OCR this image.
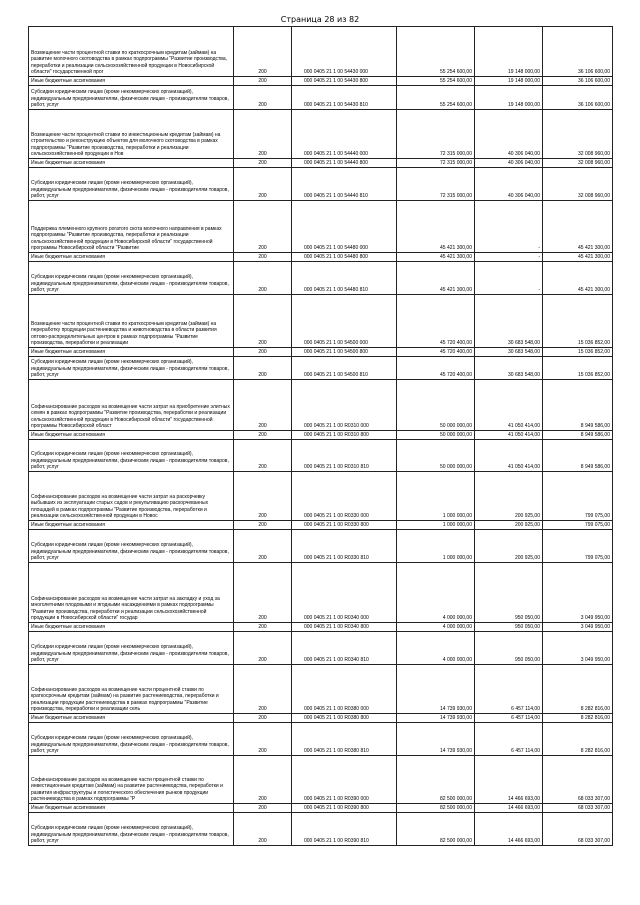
Страница 28 из 82
Возмещение части процентной ставки по краткосрочным кредитам (займам) на развитие молочного скотоводства в рамках подпрограммы "Развитие производства, переработки и реализации сельскохозяйственной продукции в Новосибирской области" государственной прог	200	000 0405 21 1 00 54430 000	55 254 600,00	19 148 000,00	36 106 600,00
Иные бюджетные ассигнования	200	000 0405 21 1 00 54430 800	55 254 600,00	19 148 000,00	36 106 600,00
Субсидии юридическим лицам (кроме некоммерческих организаций), индивидуальным предпринимателям, физическим лицам - производителям товаров, работ, услуг	200	000 0405 21 1 00 54430 810	55 254 600,00	19 148 000,00	36 106 600,00
Возмещение части процентной ставки по инвестиционным кредитам (займам) на строительство и реконструкцию объектов для молочного скотоводства в рамках подпрограммы "Развитие производства, переработки и реализации сельскохозяйственной продукции в Нов	200	000 0405 21 1 00 54440 000	72 315 000,00	40 306 040,00	32 008 960,00
Иные бюджетные ассигнования	200	000 0405 21 1 00 54440 800	72 315 000,00	40 306 040,00	32 008 960,00
Субсидии юридическим лицам (кроме некоммерческих организаций), индивидуальным предпринимателям, физическим лицам - производителям товаров, работ, услуг	200	000 0405 21 1 00 54440 810	72 315 000,00	40 306 040,00	32 008 960,00
Поддержка племенного крупного рогатого скота молочного направления в рамках подпрограммы "Развитие производства, переработки и реализации сельскохозяйственной продукции в Новосибирской области" государственной программы Новосибирской области "Развитие	200	000 0405 21 1 00 54480 000	45 421 300,00	-	45 421 300,00
Иные бюджетные ассигнования	200	000 0405 21 1 00 54480 800	45 421 300,00	-	45 421 300,00
Субсидии юридическим лицам (кроме некоммерческих организаций), индивидуальным предпринимателям, физическим лицам - производителям товаров, работ, услуг	200	000 0405 21 1 00 54480 810	45 421 300,00	-	45 421 300,00
Возмещение части процентной ставки по краткосрочным кредитам (займам) на переработку продукции растениеводства и животноводства в области развития оптово-распределительных центров в рамках подпрограммы "Развитие производства, переработки и реализации	200	000 0405 21 1 00 54500 000	45 720 400,00	30 683 548,00	15 036 852,00
Иные бюджетные ассигнования	200	000 0405 21 1 00 54500 800	45 720 400,00	30 683 548,00	15 036 852,00
Субсидии юридическим лицам (кроме некоммерческих организаций), индивидуальным предпринимателям, физическим лицам - производителям товаров, работ, услуг	200	000 0405 21 1 00 54500 810	45 720 400,00	30 683 548,00	15 036 852,00
Софинансирование расходов на возмещение части затрат на приобретение элитных семян в рамках подпрограммы "Развитие производства, переработки и реализации сельскохозяйственной продукции в Новосибирской области" государственной программы Новосибирской област	200	000 0405 21 1 00 R0310 000	50 000 000,00	41 050 414,00	8 949 586,00
Иные бюджетные ассигнования	200	000 0405 21 1 00 R0310 800	50 000 000,00	41 050 414,00	8 949 586,00
Субсидии юридическим лицам (кроме некоммерческих организаций), индивидуальным предпринимателям, физическим лицам - производителям товаров, работ, услуг	200	000 0405 21 1 00 R0310 810	50 000 000,00	41 050 414,00	8 949 586,00
Софинансирование расходов на возмещение части затрат на раскорчевку выбывших из эксплуатации старых садов и рекультивацию раскорчеванных площадей в рамках подпрограммы "Развитие производства, переработки и реализации сельскохозяйственной продукции в Новос	200	000 0405 21 1 00 R0330 000	1 000 000,00	200 925,00	799 075,00
Иные бюджетные ассигнования	200	000 0405 21 1 00 R0330 800	1 000 000,00	200 925,00	799 075,00
Субсидии юридическим лицам (кроме некоммерческих организаций), индивидуальным предпринимателям, физическим лицам - производителям товаров, работ, услуг	200	000 0405 21 1 00 R0330 810	1 000 000,00	200 925,00	799 075,00
Софинансирование расходов на возмещение части затрат на закладку и уход за многолетними плодовыми и ягодными насаждениями в рамках подпрограммы "Развитие производства, переработки и реализации сельскохозяйственной продукции в Новосибирской области" государ	200	000 0405 21 1 00 R0340 000	4 000 000,00	950 050,00	3 049 950,00
Иные бюджетные ассигнования	200	000 0405 21 1 00 R0340 800	4 000 000,00	950 050,00	3 049 950,00
Субсидии юридическим лицам (кроме некоммерческих организаций), индивидуальным предпринимателям, физическим лицам - производителям товаров, работ, услуг	200	000 0405 21 1 00 R0340 810	4 000 000,00	950 050,00	3 049 950,00
Софинансирование расходов на возмещение части процентной ставки по краткосрочным кредитам (займам) на развитие растениеводства, переработки и реализации продукции растениеводства в рамках подпрограммы "Развитие производства, переработки и реализации сель	200	000 0405 21 1 00 R0380 000	14 739 930,00	6 457 114,00	8 282 816,00
Иные бюджетные ассигнования	200	000 0405 21 1 00 R0380 800	14 739 930,00	6 457 114,00	8 282 816,00
Субсидии юридическим лицам (кроме некоммерческих организаций), индивидуальным предпринимателям, физическим лицам - производителям товаров, работ, услуг	200	000 0405 21 1 00 R0380 810	14 739 930,00	6 457 114,00	8 282 816,00
Софинансирование расходов на возмещение части процентной ставки по инвестиционным кредитам (займам) на развитие растениеводства, переработки и развития инфраструктуры и логистического обеспечения рынков продукции растениеводства в рамках подпрограммы "Р	200	000 0405 21 1 00 R0390 000	82 500 000,00	14 466 693,00	68 033 307,00
Иные бюджетные ассигнования	200	000 0405 21 1 00 R0390 800	82 500 000,00	14 466 693,00	68 033 307,00
Субсидии юридическим лицам (кроме некоммерческих организаций), индивидуальным предпринимателям, физическим лицам - производителям товаров, работ, услуг	200	000 0405 21 1 00 R0390 810	82 500 000,00	14 466 693,00	68 033 307,00
